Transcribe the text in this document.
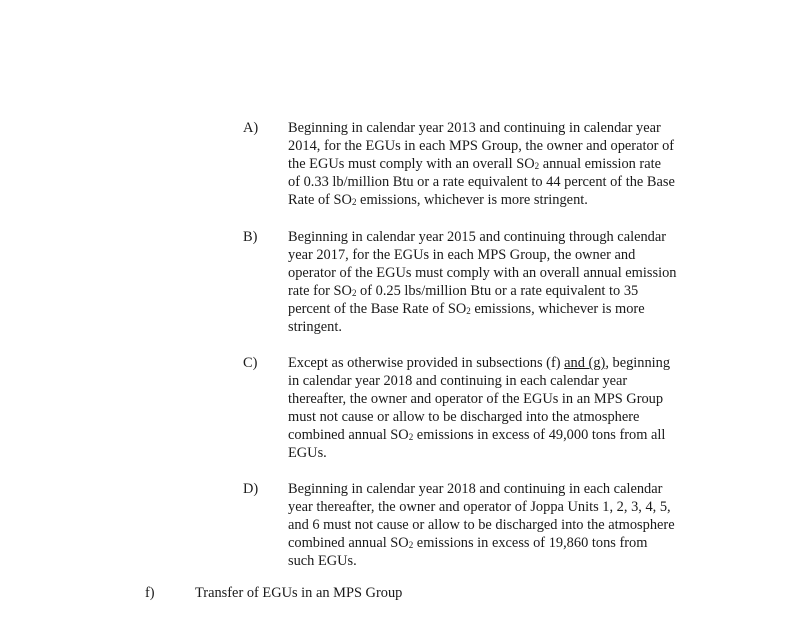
A) Beginning in calendar year 2013 and continuing in calendar year
2014, for the EGUs in each MPS Group, the owner and operator of
the EGUs must comply with an overall $SO_2$ annual emission rate
of 0.33 lb/million Btu or a rate equivalent to 44 percent of the Base
Rate of $SO_2$ emissions, whichever is more stringent.
B) Beginning in calendar year 2015 and continuing through calendar
year 2017, for the EGUs in each MPS Group, the owner and
operator of the EGUs must comply with an overall annual emission
rate for $SO_2$ of 0.25 lbs/million Btu or a rate equivalent to 35
percent of the Base Rate of $SO_2$ emissions, whichever is more
stringent.
C) Except as otherwise provided in subsections (f) and (g), beginning
in calendar year 2018 and continuing in each calendar year
thereafter, the owner and operator of the EGUs in an MPS Group
must not cause or allow to be discharged into the atmosphere
combined annual $SO_2$ emissions in excess of 49,000 tons from all
EGUs.
D) Beginning in calendar year 2018 and continuing in each calendar
year thereafter, the owner and operator of Joppa Units 1, 2, 3, 4, 5,
and 6 must not cause or allow to be discharged into the atmosphere
combined annual $SO_2$ emissions in excess of 19,860 tons from
such EGUs.
f)	Transfer of EGUs in an MPS Group
